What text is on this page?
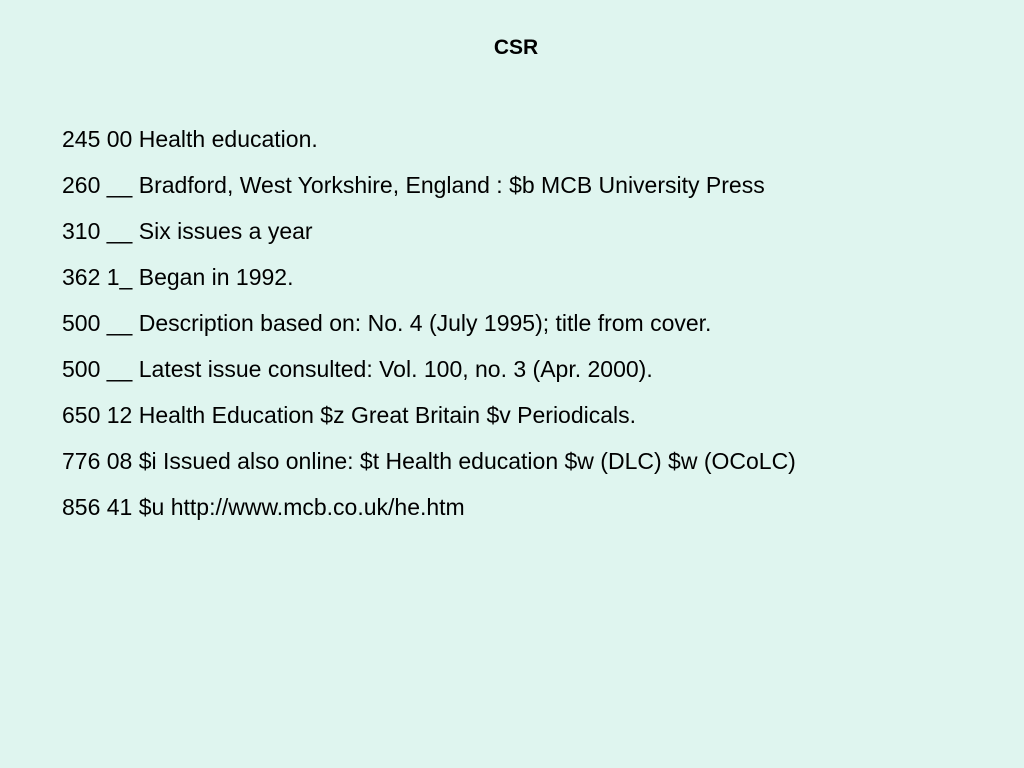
CSR
245 00 Health education.
260 __ Bradford, West Yorkshire, England : $b MCB University Press
310 __ Six issues a year
362 1_ Began in 1992.
500 __ Description based on: No. 4 (July 1995); title from cover.
500 __ Latest issue consulted: Vol. 100, no. 3 (Apr. 2000).
650 12 Health Education $z Great Britain $v Periodicals.
776 08 $i Issued also online: $t Health education $w (DLC) $w (OCoLC)
856 41 $u http://www.mcb.co.uk/he.htm
